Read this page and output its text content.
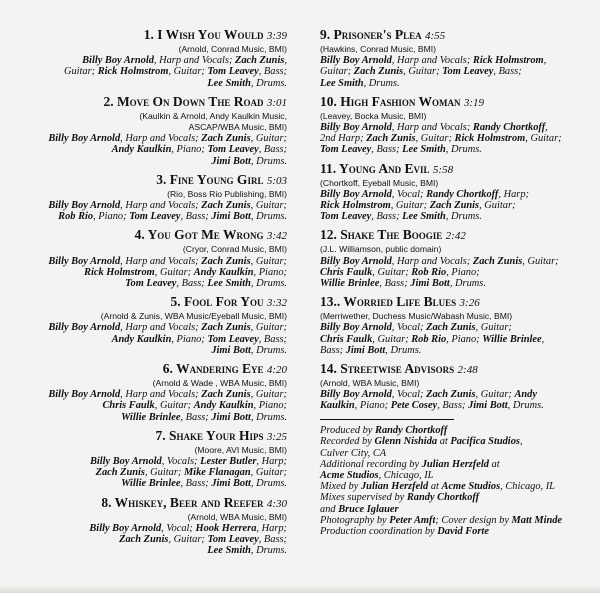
1. I Wish You Would 3:39
(Arnold, Conrad Music, BMI)
Billy Boy Arnold, Harp and Vocals; Zach Zunis,
Guitar; Rick Holmstrom, Guitar; Tom Leavey, Bass;
Lee Smith, Drums.
2. Move On Down The Road 3:01
(Kaulkin & Arnold, Andy Kaulkin Music,
ASCAP/WBA Music, BMI)
Billy Boy Arnold, Harp and Vocals; Zach Zunis, Guitar;
Andy Kaulkin, Piano; Tom Leavey, Bass;
Jimi Bott, Drums.
3. Fine Young Girl 5:03
(Rio, Boss Rio Publishing, BMI)
Billy Boy Arnold, Harp and Vocals; Zach Zunis, Guitar;
Rob Rio, Piano; Tom Leavey, Bass; Jimi Bott, Drums.
4. You Got Me Wrong 3:42
(Cryor, Conrad Music, BMI)
Billy Boy Arnold, Harp and Vocals; Zach Zunis, Guitar;
Rick Holmstrom, Guitar; Andy Kaulkin, Piano;
Tom Leavey, Bass; Lee Smith, Drums.
5. Fool For You 3:32
(Arnold & Zunis, WBA Music/Eyeball Music, BMI)
Billy Boy Arnold, Harp and Vocals; Zach Zunis, Guitar;
Andy Kaulkin, Piano; Tom Leavey, Bass;
Jimi Bott, Drums.
6. Wandering Eye 4:20
(Arnold & Wade , WBA Music, BMI)
Billy Boy Arnold, Harp and Vocals; Zach Zunis, Guitar;
Chris Faulk, Guitar; Andy Kaulkin, Piano;
Willie Brinlee, Bass; Jimi Bott, Drums.
7. Shake Your Hips 3:25
(Moore, AVI Music, BMI)
Billy Boy Arnold, Vocals; Lester Butler, Harp;
Zach Zunis, Guitar; Mike Flanagan, Guitar;
Willie Brinlee, Bass; Jimi Bott, Drums.
8. Whiskey, Beer and Reefer 4:30
(Arnold, WBA Music, BMI)
Billy Boy Arnold, Vocal; Hook Herrera, Harp;
Zach Zunis, Guitar; Tom Leavey, Bass;
Lee Smith, Drums.
9. Prisoner's Plea 4:55
(Hawkins, Conrad Music, BMI)
Billy Boy Arnold, Harp and Vocals; Rick Holmstrom,
Guitar; Zach Zunis, Guitar; Tom Leavey, Bass;
Lee Smith, Drums.
10. High Fashion Woman 3:19
(Leavey, Bocka Music, BMI)
Billy Boy Arnold, Harp and Vocals; Randy Chortkoff,
2nd Harp; Zach Zunis, Guitar; Rick Holmstrom, Guitar;
Tom Leavey, Bass; Lee Smith, Drums.
11. Young And Evil 5:58
(Chortkoff, Eyeball Music, BMI)
Billy Boy Arnold, Vocal; Randy Chortkoff, Harp;
Rick Holmstrom, Guitar; Zach Zunis, Guitar;
Tom Leavey, Bass; Lee Smith, Drums.
12. Shake The Boogie 2:42
(J.L. Williamson, public domain)
Billy Boy Arnold, Harp and Vocals; Zach Zunis, Guitar;
Chris Faulk, Guitar; Rob Rio, Piano;
Willie Brinlee, Bass; Jimi Bott, Drums.
13.. Worried Life Blues 3:26
(Merriwether, Duchess Music/Wabash Music, BMI)
Billy Boy Arnold, Vocal; Zach Zunis, Guitar;
Chris Faulk, Guitar; Rob Rio, Piano; Willie Brinlee,
Bass; Jimi Bott, Drums.
14. Streetwise Advisors 2:48
(Arnold, WBA Music, BMI)
Billy Boy Arnold, Vocal; Zach Zunis, Guitar; Andy
Kaulkin, Piano; Pete Cosey, Bass; Jimi Bott, Drums.
Produced by Randy Chortkoff
Recorded by Glenn Nishida at Pacifica Studios,
Culver City, CA
Additional recording by Julian Herzfeld at
Acme Studios, Chicago, IL
Mixed by Julian Herzfeld at Acme Studios, Chicago, IL
Mixes supervised by Randy Chortkoff
and Bruce Iglauer
Photography by Peter Amft; Cover design by Matt Minde
Production coordination by David Forte
